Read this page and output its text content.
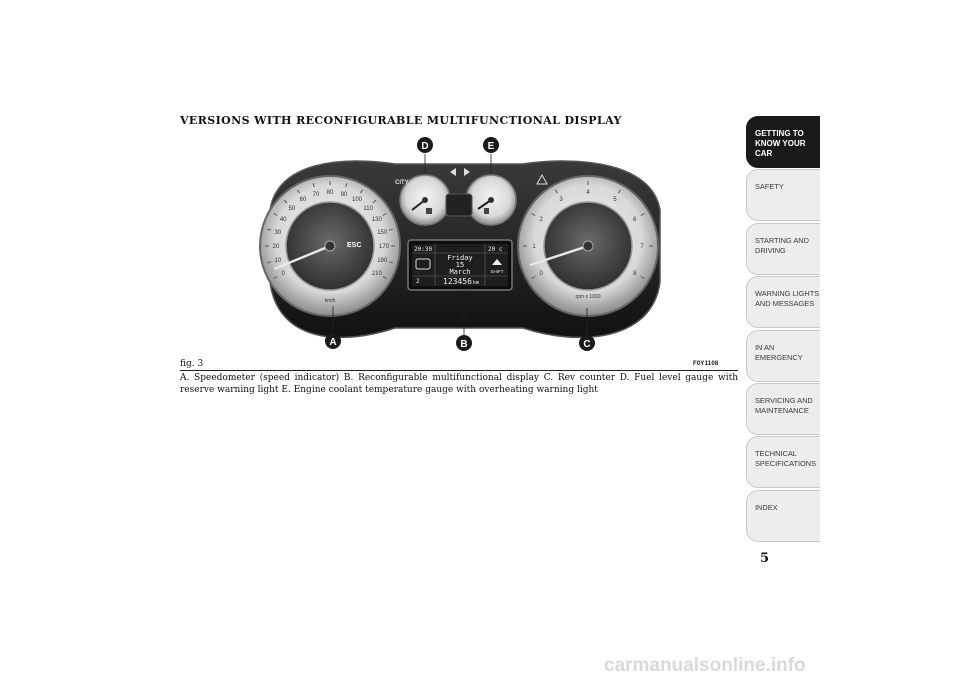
VERSIONS WITH RECONFIGURABLE MULTIFUNCTIONAL DISPLAY
0
10
20
30
40
50
60
70 80 90
100
110
130
150
170
190
210
ESC
km/h
0
1
2
3
4
5
6
7
8
rpm x 1000
CITY
20:30	20 c
Friday
15
March	SHIFT
2	123456 km
D	E
A	B	C
fig. 3	F0Y1108

A. Speedometer (speed indicator) B. Reconfigurable multifunctional display C. Rev counter D. Fuel level gauge with reserve warning light E. Engine coolant temperature gauge with overheating warning light

GETTING TO
KNOW YOUR CAR
SAFETY
STARTING AND
DRIVING
WARNING LIGHTS
AND MESSAGES
IN AN EMERGENCY
SERVICING AND
MAINTENANCE
TECHNICAL
SPECIFICATIONS
INDEX
5
carmanualsonline.info
